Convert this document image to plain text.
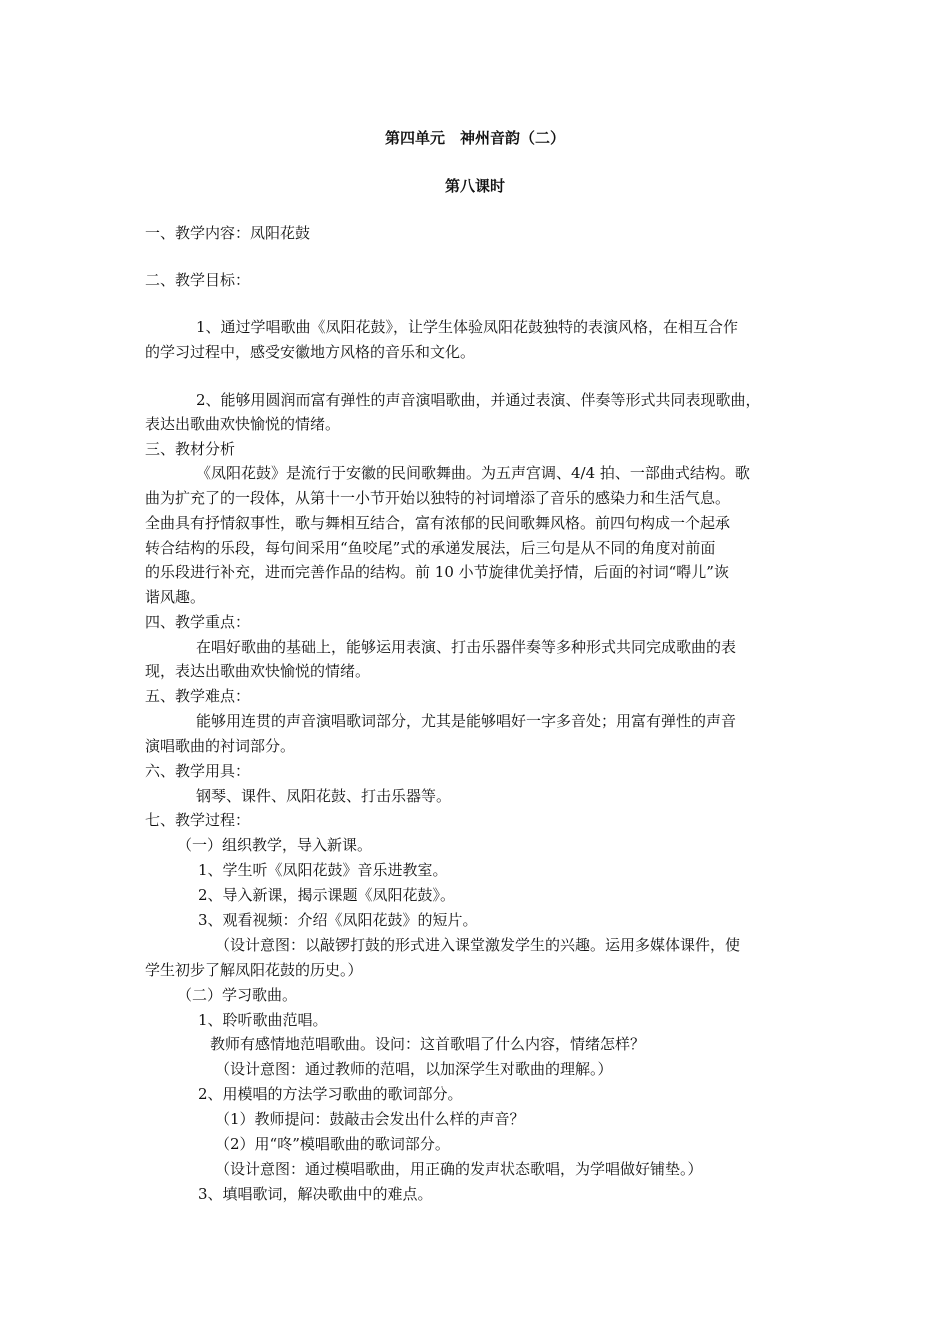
第四单元　神州音韵（二）
第八课时
一、教学内容：凤阳花鼓
二、教学目标：
1、通过学唱歌曲《凤阳花鼓》，让学生体验凤阳花鼓独特的表演风格，在相互合作
的学习过程中，感受安徽地方风格的音乐和文化。
2、能够用圆润而富有弹性的声音演唱歌曲，并通过表演、伴奏等形式共同表现歌曲，
表达出歌曲欢快愉悦的情绪。
三、教材分析
《凤阳花鼓》是流行于安徽的民间歌舞曲。为五声宫调、4/4 拍、一部曲式结构。歌
曲为扩充了的一段体，从第十一小节开始以独特的衬词增添了音乐的感染力和生活气息。
全曲具有抒情叙事性，歌与舞相互结合，富有浓郁的民间歌舞风格。前四句构成一个起承
转合结构的乐段，每句间采用“鱼咬尾”式的承递发展法，后三句是从不同的角度对前面
的乐段进行补充，进而完善作品的结构。前 10 小节旋律优美抒情，后面的衬词“嘚儿”诙
谐风趣。
四、教学重点：
在唱好歌曲的基础上，能够运用表演、打击乐器伴奏等多种形式共同完成歌曲的表
现，表达出歌曲欢快愉悦的情绪。
五、教学难点：
能够用连贯的声音演唱歌词部分，尤其是能够唱好一字多音处；用富有弹性的声音
演唱歌曲的衬词部分。
六、教学用具：
钢琴、课件、凤阳花鼓、打击乐器等。
七、教学过程：
（一）组织教学，导入新课。
1、学生听《凤阳花鼓》音乐进教室。
2、导入新课，揭示课题《凤阳花鼓》。
3、观看视频：介绍《凤阳花鼓》的短片。
（设计意图：以敲锣打鼓的形式进入课堂激发学生的兴趣。运用多媒体课件，使
学生初步了解凤阳花鼓的历史。）
（二）学习歌曲。
1、聆听歌曲范唱。
教师有感情地范唱歌曲。设问：这首歌唱了什么内容，情绪怎样？
（设计意图：通过教师的范唱，以加深学生对歌曲的理解。）
2、用模唱的方法学习歌曲的歌词部分。
（1）教师提问：鼓敲击会发出什么样的声音？
（2）用“咚”模唱歌曲的歌词部分。
（设计意图：通过模唱歌曲，用正确的发声状态歌唱，为学唱做好铺垫。）
3、填唱歌词，解决歌曲中的难点。
